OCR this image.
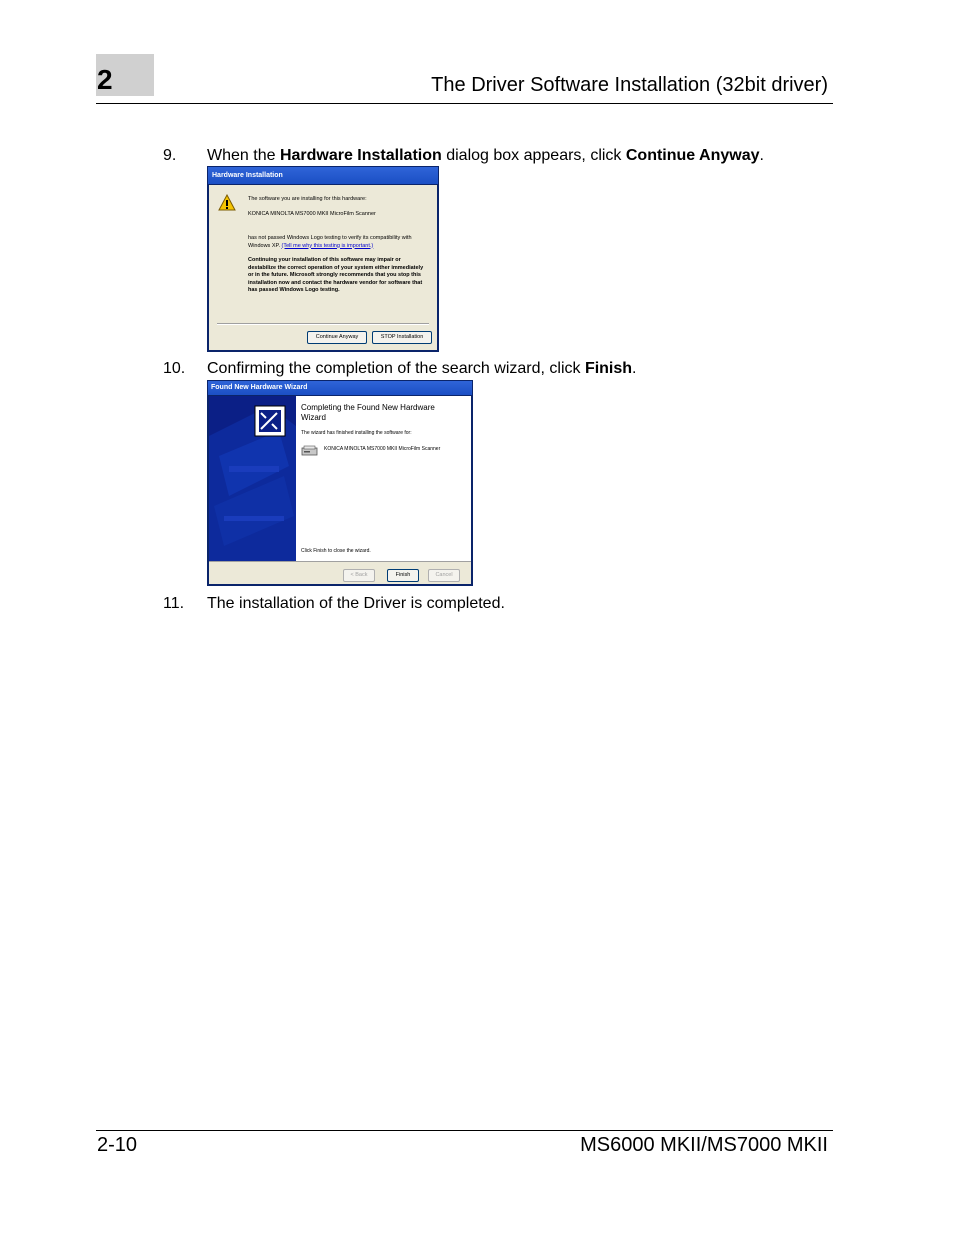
2	The Driver Software Installation (32bit driver)
9. When the Hardware Installation dialog box appears, click Continue Anyway.
Hardware Installation
The software you are installing for this hardware:
KONICA MINOLTA MS7000 MKII MicroFilm Scanner
has not passed Windows Logo testing to verify its compatibility with Windows XP. (Tell me why this testing is important.)
Continuing your installation of this software may impair or destabilize the correct operation of your system either immediately or in the future. Microsoft strongly recommends that you stop this installation now and contact the hardware vendor for software that has passed Windows Logo testing.
Continue Anyway	STOP Installation
10. Confirming the completion of the search wizard, click Finish.
Found New Hardware Wizard
Completing the Found New Hardware Wizard
The wizard has finished installing the software for:
KONICA MINOLTA MS7000 MKII MicroFilm Scanner
Click Finish to close the wizard.
< Back	Finish	Cancel
11. The installation of the Driver is completed.
2-10	MS6000 MKII/MS7000 MKII
